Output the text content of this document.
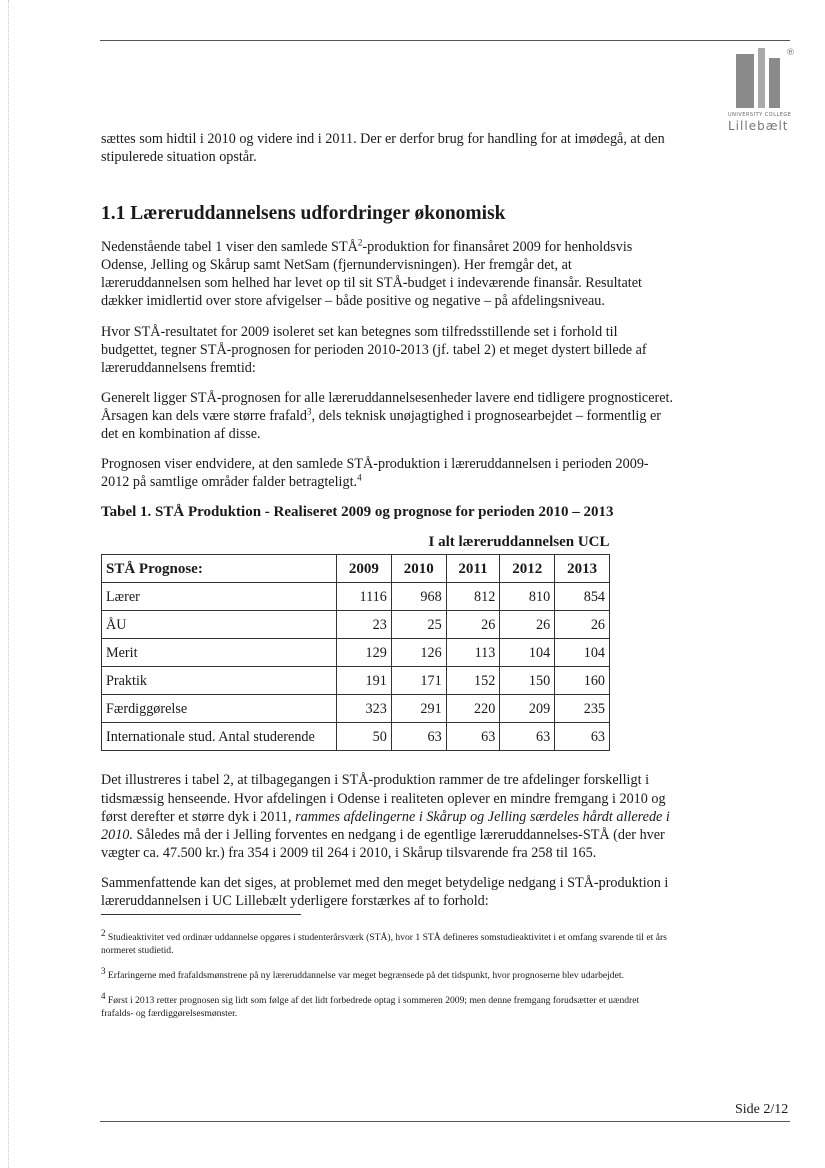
®
UNIVERSITY COLLEGE
Lillebælt

sættes som hidtil i 2010 og videre ind i 2011. Der er derfor brug for handling for at imødegå, at den stipulerede situation opstår.

1.1 Læreruddannelsens udfordringer økonomisk

Nedenstående tabel 1 viser den samlede STÅ$^2$-produktion for finansåret 2009 for henholdsvis Odense, Jelling og Skårup samt NetSam (fjernundervisningen). Her fremgår det, at læreruddannelsen som helhed har levet op til sit STÅ-budget i indeværende finansår. Resultatet dækker imidlertid over store afvigelser – både positive og negative – på afdelingsniveau.

Hvor STÅ-resultatet for 2009 isoleret set kan betegnes som tilfredsstillende set i forhold til budgettet, tegner STÅ-prognosen for perioden 2010-2013 (jf. tabel 2) et meget dystert billede af læreruddannelsens fremtid:

Generelt ligger STÅ-prognosen for alle læreruddannelsesenheder lavere end tidligere prognosticeret. Årsagen kan dels være større frafald$^3$, dels teknisk unøjagtighed i prognosearbejdet – formentlig er det en kombination af disse.

Prognosen viser endvidere, at den samlede STÅ-produktion i læreruddannelsen i perioden 2009-2012 på samtlige områder falder betragteligt.$^4$

Tabel 1. STÅ Produktion - Realiseret 2009 og prognose for perioden 2010 – 2013

I alt læreruddannelsen UCL
STÅ Prognose:	2009	2010	2011	2012	2013
Lærer	1116	968	812	810	854
ÅU	23	25	26	26	26
Merit	129	126	113	104	104
Praktik	191	171	152	150	160
Færdiggørelse	323	291	220	209	235
Internationale stud. Antal studerende	50	63	63	63	63

Det illustreres i tabel 2, at tilbagegangen i STÅ-produktion rammer de tre afdelinger forskelligt i tidsmæssig henseende. Hvor afdelingen i Odense i realiteten oplever en mindre fremgang i 2010 og først derefter et større dyk i 2011, rammes afdelingerne i Skårup og Jelling særdeles hårdt allerede i 2010. Således må der i Jelling forventes en nedgang i de egentlige læreruddannelses-STÅ (der hver vægter ca. 47.500 kr.) fra 354 i 2009 til 264 i 2010, i Skårup tilsvarende fra 258 til 165.

Sammenfattende kan det siges, at problemet med den meget betydelige nedgang i STÅ-produktion i læreruddannelsen i UC Lillebælt yderligere forstærkes af to forhold:

$^2$ Studieaktivitet ved ordinær uddannelse opgøres i studenterårsværk (STÅ), hvor 1 STÅ defineres somstudieaktivitet i et omfang svarende til et års normeret studietid.

$^3$ Erfaringerne med frafaldsmønstrene på ny læreruddannelse var meget begrænsede på det tidspunkt, hvor prognoserne blev udarbejdet.

$^4$ Først i 2013 retter prognosen sig lidt som følge af det lidt forbedrede optag i sommeren 2009; men denne fremgang forudsætter et uændret frafalds- og færdiggørelsesmønster.

Side 2/12
